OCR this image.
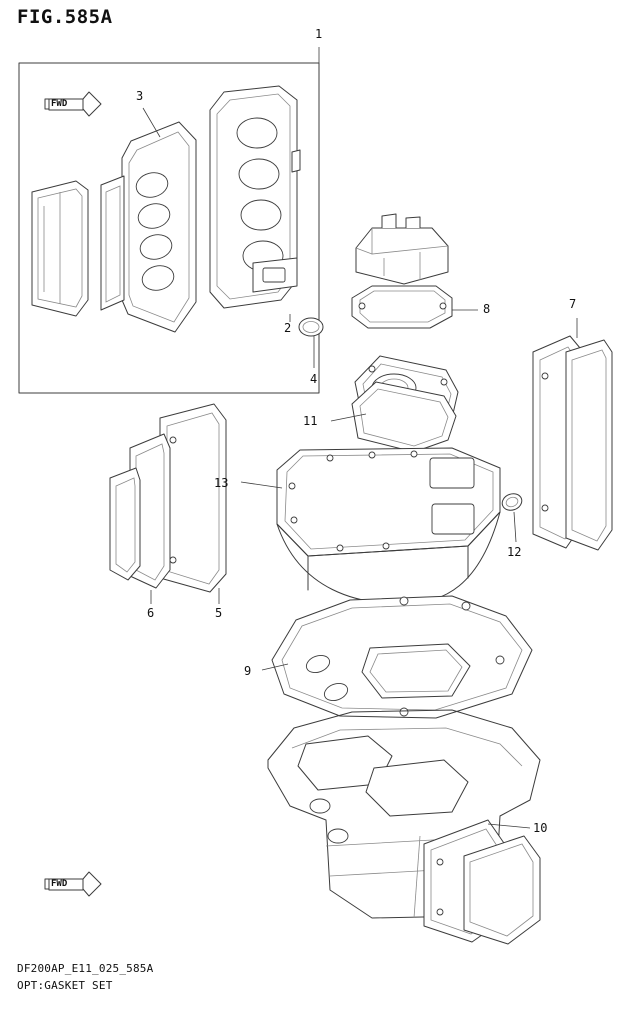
FIG.585A
FWD
FWD
1
3
7
8
2
4
11
13
12
6	5
9
10
DF200AP_E11_025_585A
OPT:GASKET SET
